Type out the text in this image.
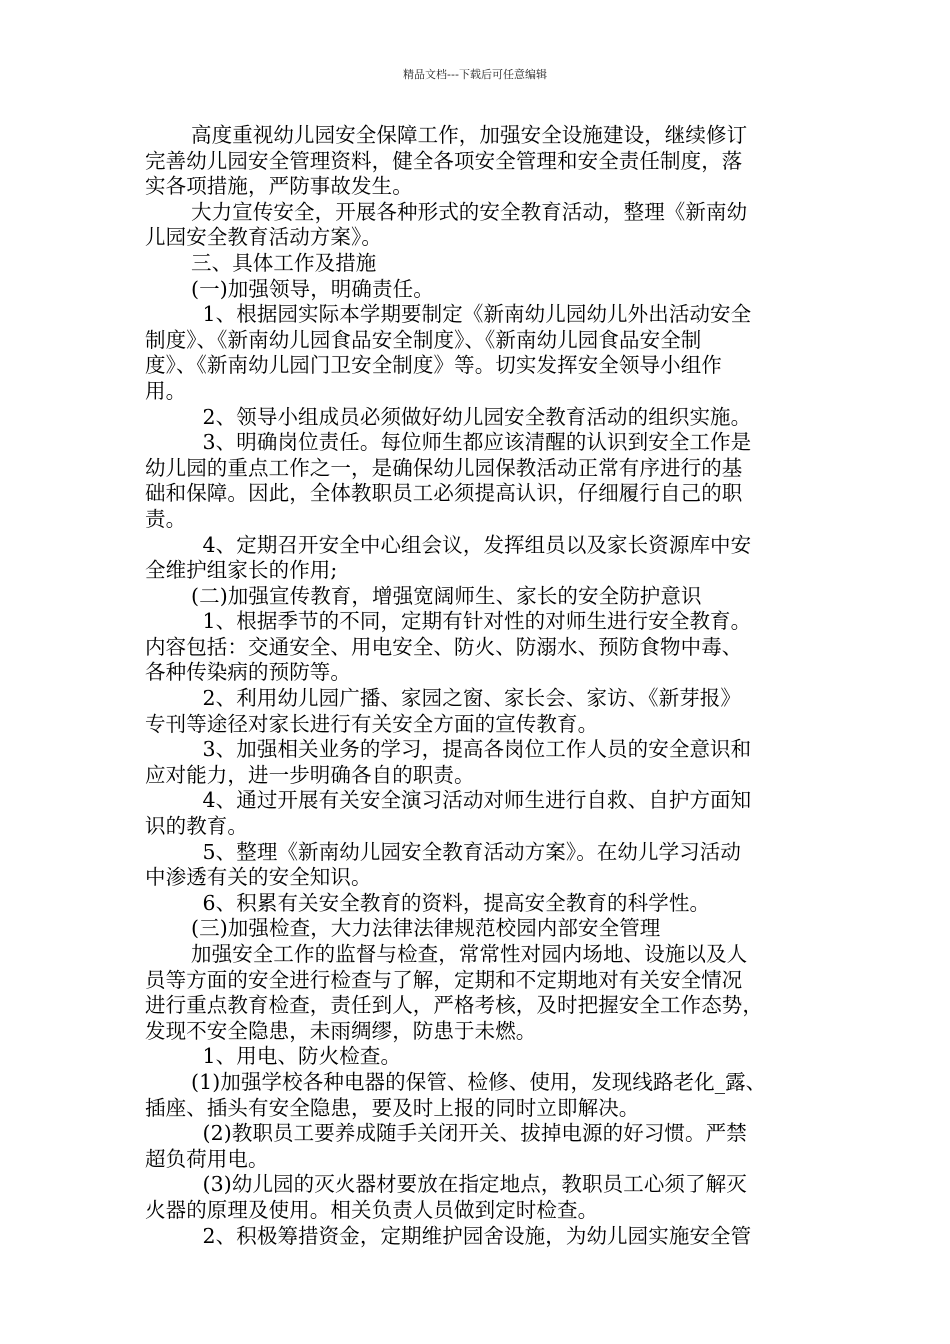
精品文档---下载后可任意编辑
高度重视幼儿园安全保障工作，加强安全设施建设，继续修订
完善幼儿园安全管理资料，健全各项安全管理和安全责任制度，落
实各项措施，严防事故发生。
大力宣传安全，开展各种形式的安全教育活动，整理《新南幼
儿园安全教育活动方案》。
三、具体工作及措施
(一)加强领导，明确责任。
1、根据园实际本学期要制定《新南幼儿园幼儿外出活动安全
制度》、《新南幼儿园食品安全制度》、《新南幼儿园食品安全制
度》、《新南幼儿园门卫安全制度》等。切实发挥安全领导小组作
用。
2、领导小组成员必须做好幼儿园安全教育活动的组织实施。
3、明确岗位责任。每位师生都应该清醒的认识到安全工作是
幼儿园的重点工作之一，是确保幼儿园保教活动正常有序进行的基
础和保障。因此，全体教职员工必须提高认识，仔细履行自己的职
责。
4、定期召开安全中心组会议，发挥组员以及家长资源库中安
全维护组家长的作用;
(二)加强宣传教育，增强宽阔师生、家长的安全防护意识
1、根据季节的不同，定期有针对性的对师生进行安全教育。
内容包括：交通安全、用电安全、防火、防溺水、预防食物中毒、
各种传染病的预防等。
2、利用幼儿园广播、家园之窗、家长会、家访、《新芽报》
专刊等途径对家长进行有关安全方面的宣传教育。
3、加强相关业务的学习，提高各岗位工作人员的安全意识和
应对能力，进一步明确各自的职责。
4、通过开展有关安全演习活动对师生进行自救、自护方面知
识的教育。
5、整理《新南幼儿园安全教育活动方案》。在幼儿学习活动
中渗透有关的安全知识。
6、积累有关安全教育的资料，提高安全教育的科学性。
(三)加强检查，大力法律法律规范校园内部安全管理
加强安全工作的监督与检查，常常性对园内场地、设施以及人
员等方面的安全进行检查与了解，定期和不定期地对有关安全情况
进行重点教育检查，责任到人，严格考核，及时把握安全工作态势，
发现不安全隐患，未雨绸缪，防患于未燃。
1、用电、防火检查。
(1)加强学校各种电器的保管、检修、使用，发现线路老化_露、
插座、插头有安全隐患，要及时上报的同时立即解决。
(2)教职员工要养成随手关闭开关、拔掉电源的好习惯。严禁
超负荷用电。
(3)幼儿园的灭火器材要放在指定地点，教职员工心须了解灭
火器的原理及使用。相关负责人员做到定时检查。
2、积极筹措资金，定期维护园舍设施，为幼儿园实施安全管
